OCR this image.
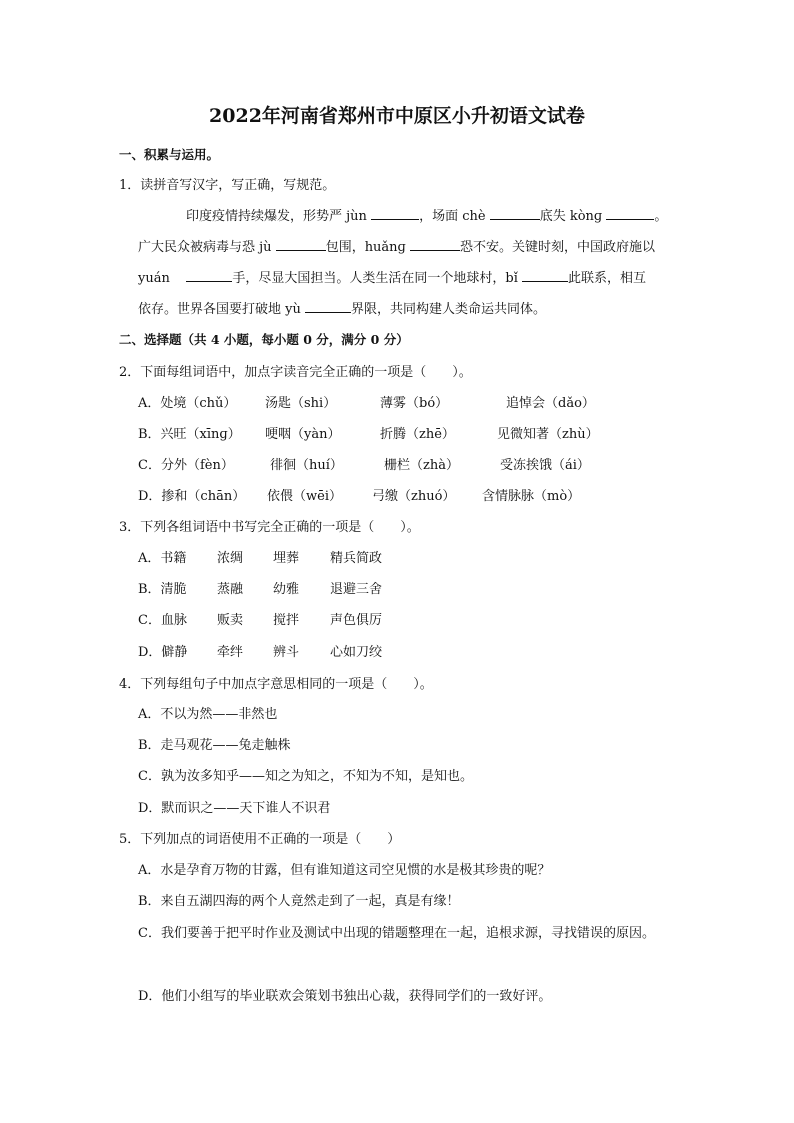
2022年河南省郑州市中原区小升初语文试卷
一、积累与运用。
1．读拼音写汉字，写正确，写规范。
印度疫情持续爆发，形势严 jùn	，场面 chè	底失 kònɡ	。
广大民众被病毒与恐 jù	包围，huǎnɡ	恐不安。关键时刻，中国政府施以
yuán	手，尽显大国担当。人类生活在同一个地球村，bǐ	此联系，相互
依存。世界各国要打破地 yù	界限，共同构建人类命运共同体。
二、选择题（共 4 小题，每小题 0 分，满分 0 分）
2．下面每组词语中，加点字读音完全正确的一项是（　　）。
A．处境（chǔ） 汤匙（shi）	薄雾（bó）	追悼会（dǎo）
B．兴旺（xīnɡ） 哽咽（yàn）	折腾（zhē）	见微知著（zhù）
C．分外（fèn）	徘徊（huí）	栅栏（zhà）	受冻挨饿（ái）
D．掺和（chān） 依偎（wēi） 弓缴（zhuó） 含情脉脉（mò）
3．下列各组词语中书写完全正确的一项是（　　）。
A．书籍 浓绸 埋葬 精兵简政
B．清脆 蒸融 幼雅 退避三舍
C．血脉 贩卖 搅拌 声色俱厉
D．僻静 牵绊 辨斗 心如刀绞
4．下列每组句子中加点字意思相同的一项是（　　）。
A．不以为然——非然也
B．走马观花——兔走触株
C．孰为汝多知乎——知之为知之，不知为不知，是知也。
D．默而识之——天下谁人不识君
5．下列加点的词语使用不正确的一项是（　　）
A．水是孕育万物的甘露，但有谁知道这司空见惯的水是极其珍贵的呢？
B．来自五湖四海的两个人竟然走到了一起，真是有缘！
C．我们要善于把平时作业及测试中出现的错题整理在一起，追根求源，寻找错误的原因。
D．他们小组写的毕业联欢会策划书独出心裁，获得同学们的一致好评。
